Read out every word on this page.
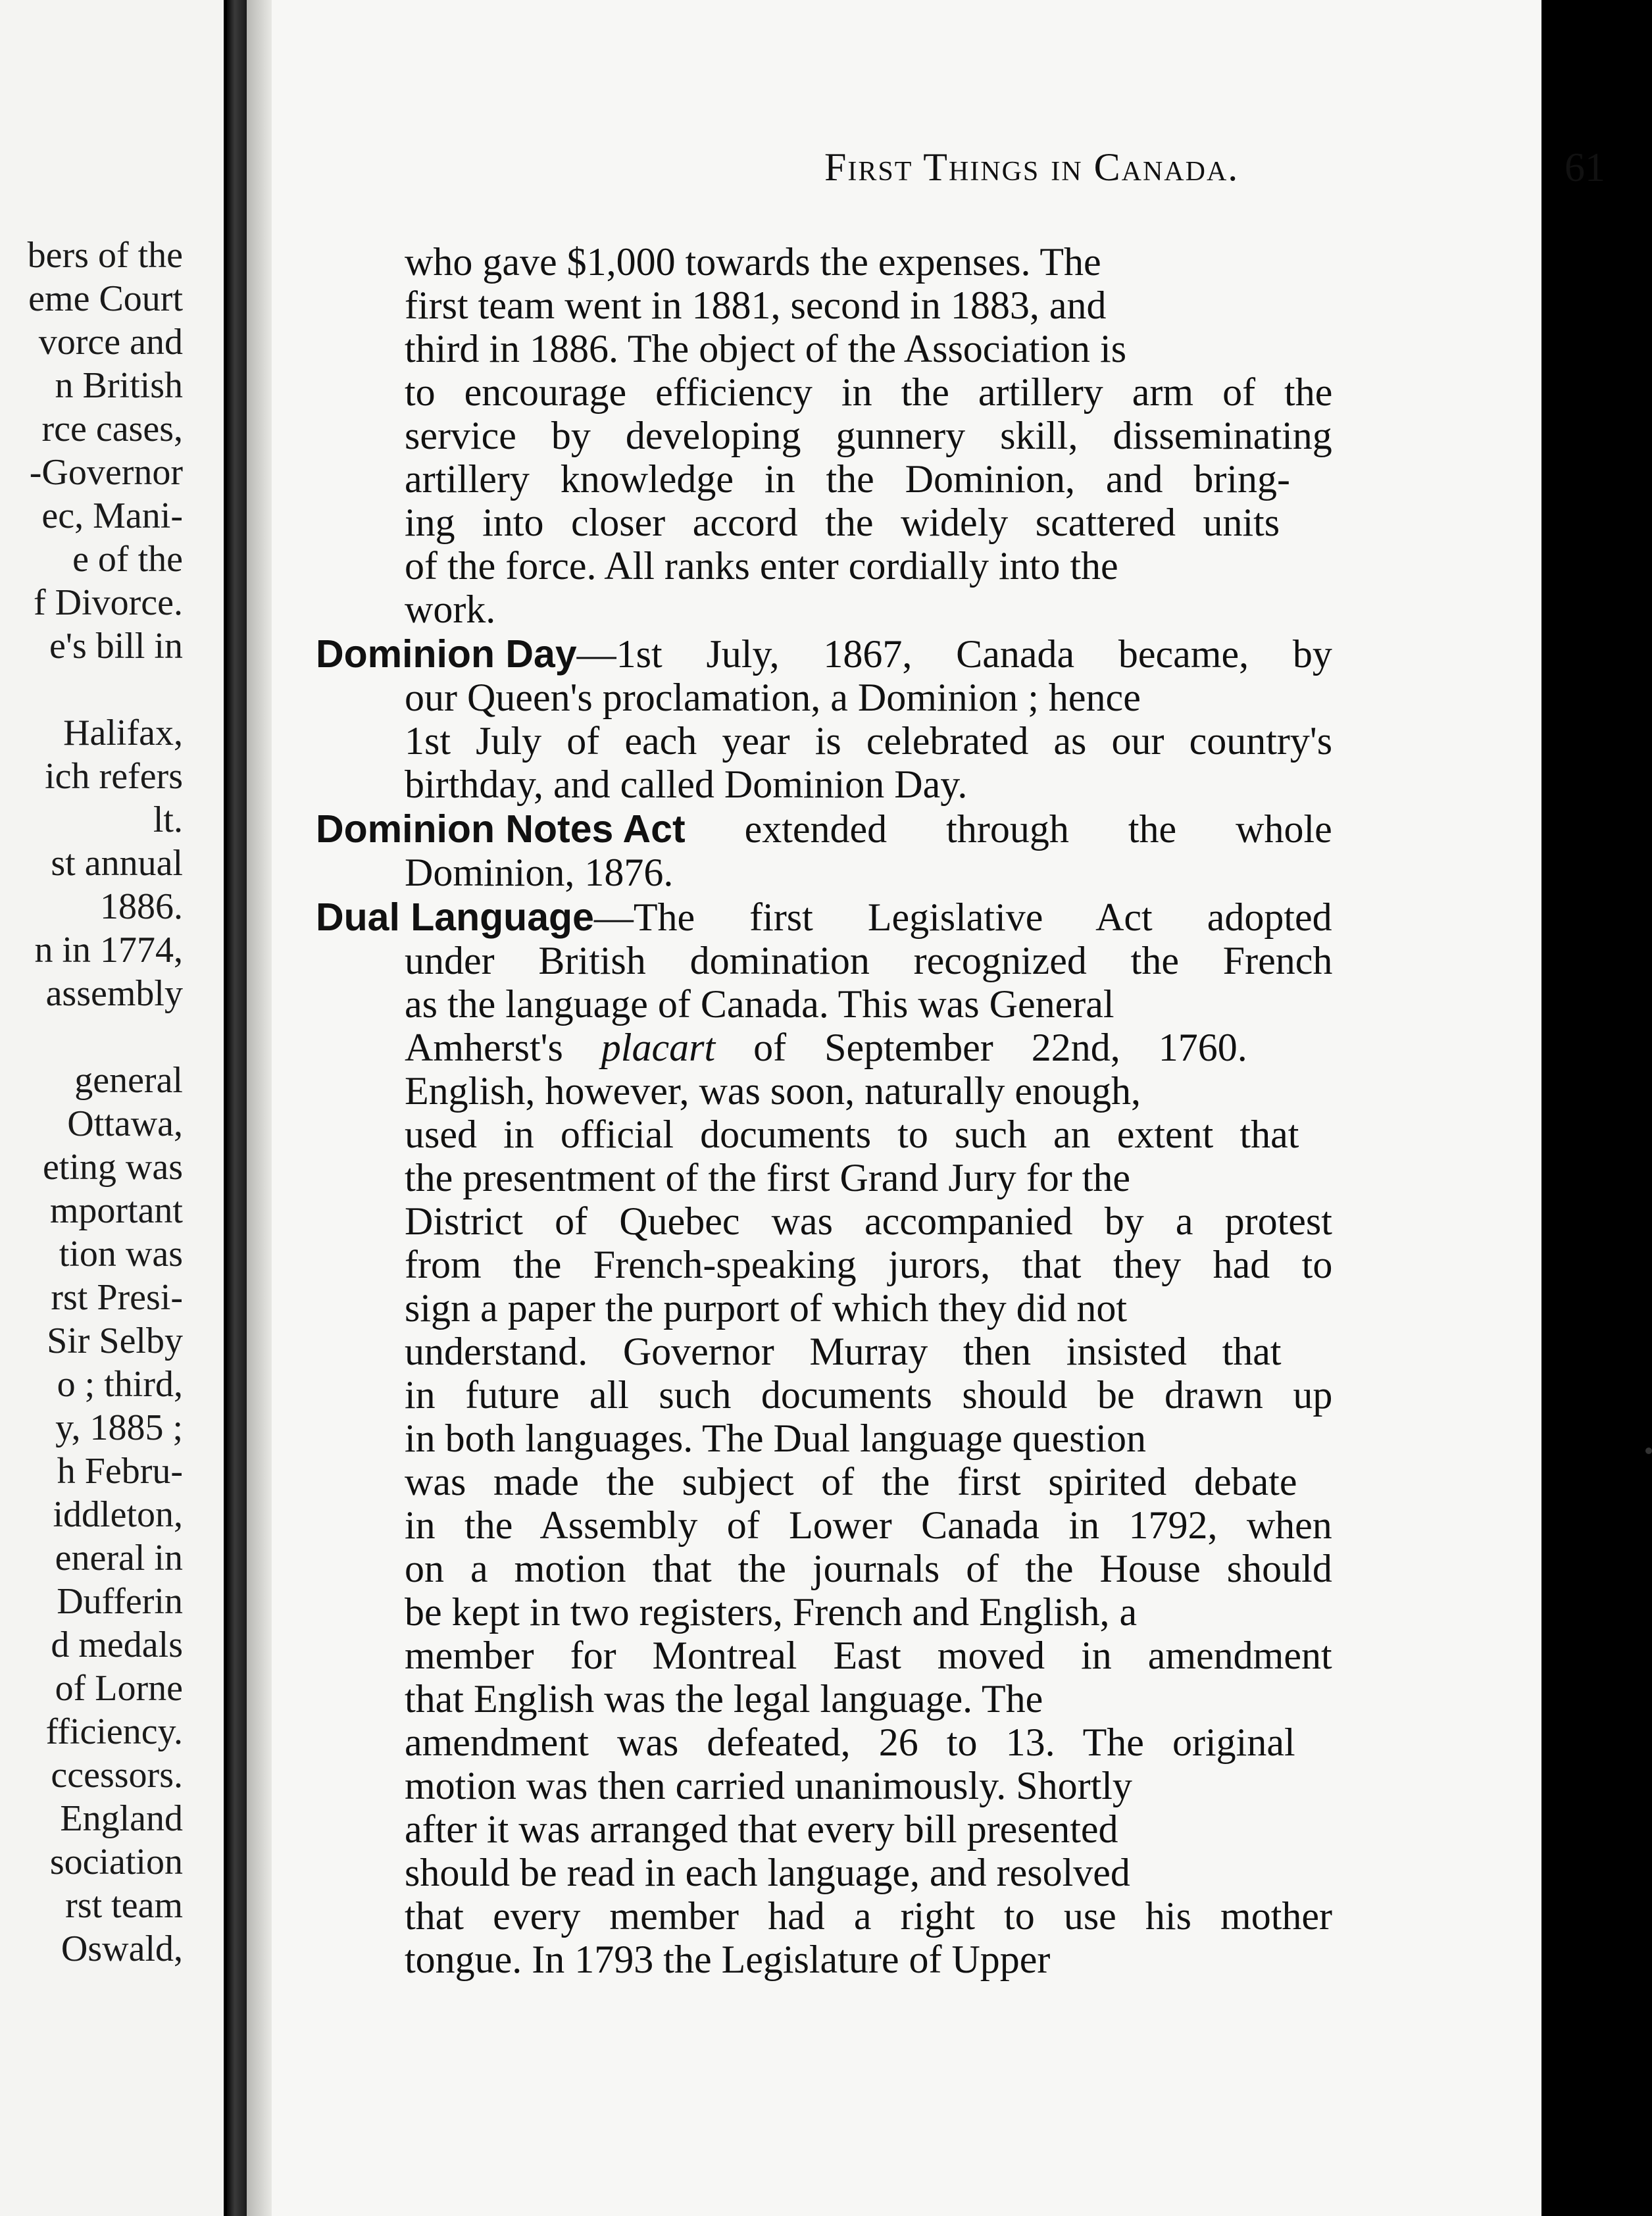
bers of the
eme Court
vorce and
n British
rce cases,
-Governor
ec, Mani-
e of the
f Divorce.
e's bill in
Halifax,
ich refers
lt.
st annual
1886.
n in 1774,
assembly
general
Ottawa,
eting was
mportant
tion was
rst Presi-
Sir Selby
o ; third,
y, 1885 ;
h Febru-
iddleton,
eneral in
Dufferin
d medals
of Lorne
fficiency.
ccessors.
England
sociation
rst team
Oswald,
First Things in Canada.	61
who gave $1,000 towards the expenses. The
first team went in 1881, second in 1883, and
third in 1886. The object of the Association is
to encourage efficiency in the artillery arm of the
service by developing gunnery skill, disseminating
artillery knowledge in the Dominion, and bring-
ing into closer accord the widely scattered units
of the force. All ranks enter cordially into the
work.
Dominion Day—1st July, 1867, Canada became, by
our Queen's proclamation, a Dominion ; hence
1st July of each year is celebrated as our country's
birthday, and called Dominion Day.
Dominion Notes Act extended through the whole
Dominion, 1876.
Dual Language—The first Legislative Act adopted
under British domination recognized the French
as the language of Canada. This was General
Amherst's placart of September 22nd, 1760.
English, however, was soon, naturally enough,
used in official documents to such an extent that
the presentment of the first Grand Jury for the
District of Quebec was accompanied by a protest
from the French-speaking jurors, that they had to
sign a paper the purport of which they did not
understand. Governor Murray then insisted that
in future all such documents should be drawn up
in both languages. The Dual language question
was made the subject of the first spirited debate
in the Assembly of Lower Canada in 1792, when
on a motion that the journals of the House should
be kept in two registers, French and English, a
member for Montreal East moved in amendment
that English was the legal language. The
amendment was defeated, 26 to 13. The original
motion was then carried unanimously. Shortly
after it was arranged that every bill presented
should be read in each language, and resolved
that every member had a right to use his mother
tongue. In 1793 the Legislature of Upper
